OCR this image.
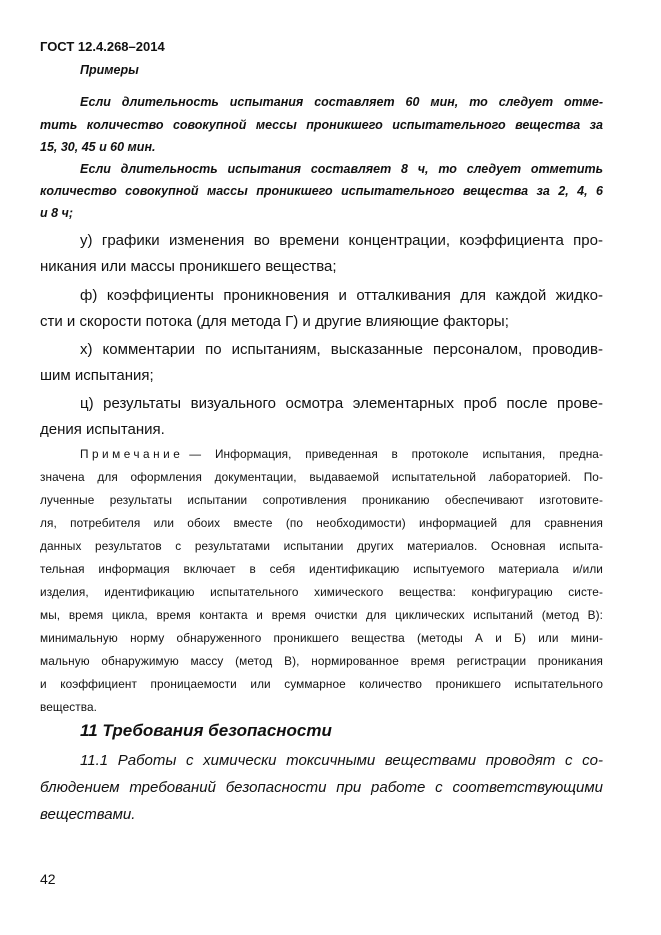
ГОСТ 12.4.268–2014
Примеры
Если длительность испытания составляет 60 мин, то следует отме-
тить количество совокупной мессы проникшего испытательного вещества за
15, 30, 45 и 60 мин.
Если длительность испытания составляет 8 ч, то следует отметить
количество совокупной массы проникшего испытательного вещества за 2, 4, 6
и 8 ч;
у) графики изменения во времени концентрации, коэффициента про-
никания или массы проникшего вещества;
ф) коэффициенты проникновения и отталкивания для каждой жидко-
сти и скорости потока (для метода Г) и другие влияющие факторы;
х) комментарии по испытаниям, высказанные персоналом, проводив-
шим испытания;
ц) результаты визуального осмотра элементарных проб после прове-
дения испытания.
Примечание — Информация, приведенная в протоколе испытания, предна-
значена для оформления документации, выдаваемой испытательной лабораторией. По-
лученные результаты испытании сопротивления прониканию обеспечивают изготовите-
ля, потребителя или обоих вместе (по необходимости) информацией для сравнения
данных результатов с результатами испытании других материалов. Основная испыта-
тельная информация включает в себя идентификацию испытуемого материала и/или
изделия, идентификацию испытательного химического вещества: конфигурацию систе-
мы, время цикла, время контакта и время очистки для циклических испытаний (метод В):
минимальную норму обнаруженного проникшего вещества (методы А и Б) или мини-
мальную обнаружимую массу (метод В), нормированное время регистрации проникания
и коэффициент проницаемости или суммарное количество проникшего испытательного
вещества.
11 Требования безопасности
11.1 Работы с химически токсичными веществами проводят с со-
блюдением требований безопасности при работе с соответствующими
веществами.
42
